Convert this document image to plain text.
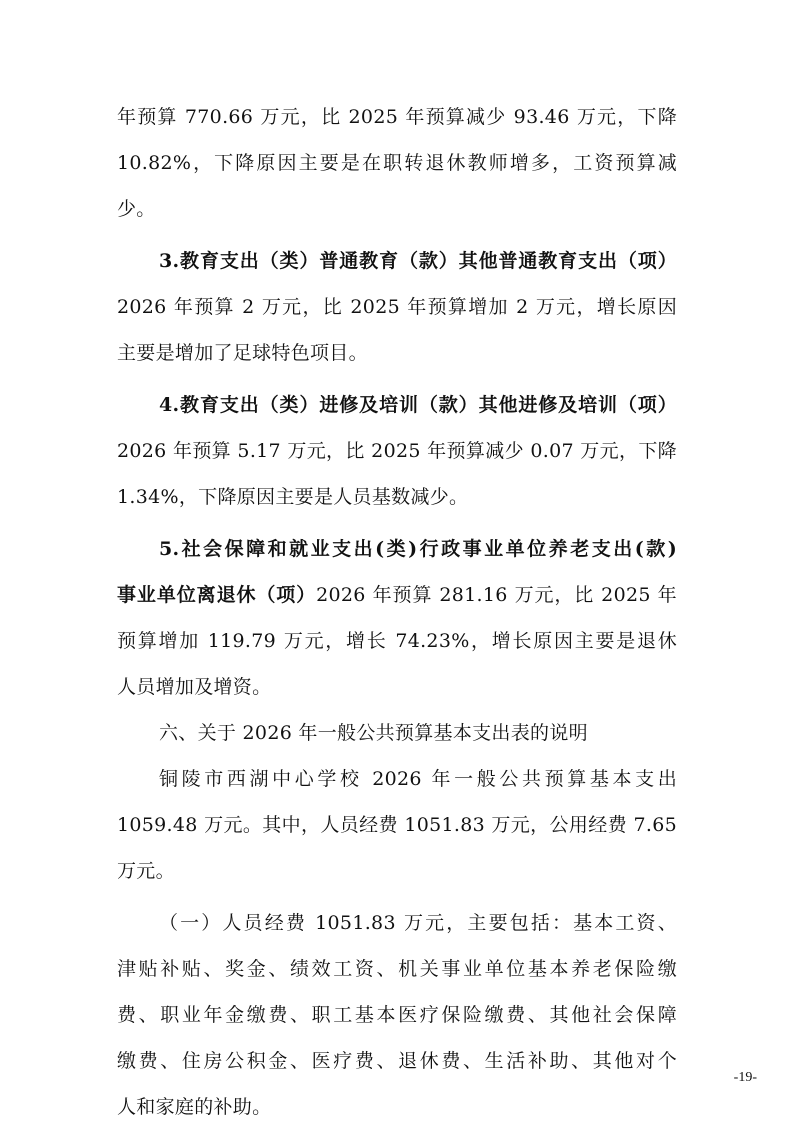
年预算 770.66 万元，比 2025 年预算减少 93.46 万元，下降
10.82%，下降原因主要是在职转退休教师增多，工资预算减
少。
3.教育支出（类）普通教育（款）其他普通教育支出（项）
2026 年预算 2 万元，比 2025 年预算增加 2 万元，增长原因
主要是增加了足球特色项目。
4.教育支出（类）进修及培训（款）其他进修及培训（项）
2026 年预算 5.17 万元，比 2025 年预算减少 0.07 万元，下降
1.34%，下降原因主要是人员基数减少。
5.社会保障和就业支出(类)行政事业单位养老支出(款)
事业单位离退休（项）2026 年预算 281.16 万元，比 2025 年
预算增加 119.79 万元，增长 74.23%，增长原因主要是退休
人员增加及增资。
六、关于 2026 年一般公共预算基本支出表的说明
铜陵市西湖中心学校 2026 年一般公共预算基本支出
1059.48 万元。其中，人员经费 1051.83 万元，公用经费 7.65
万元。
（一）人员经费 1051.83 万元，主要包括：基本工资、
津贴补贴、奖金、绩效工资、机关事业单位基本养老保险缴
费、职业年金缴费、职工基本医疗保险缴费、其他社会保障
缴费、住房公积金、医疗费、退休费、生活补助、其他对个
人和家庭的补助。
-19-
